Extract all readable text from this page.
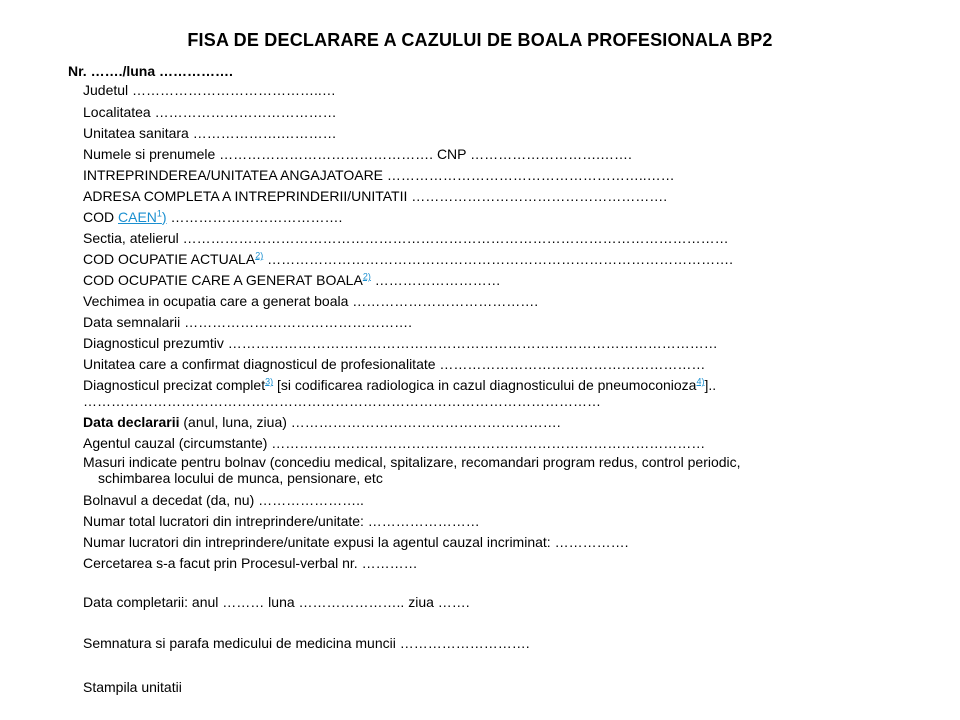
FISA DE DECLARARE A CAZULUI DE BOALA PROFESIONALA BP2
Nr. ……./luna …………….
Judetul …………………………………..…
Localitatea …………………………………
Unitatea sanitara ……………….…………
Numele si prenumele ………………………………………. CNP ……………………….…….
INTREPRINDEREA/UNITATEA ANGAJATOARE ………………………………………………..……
ADRESA COMPLETA A INTREPRINDERII/UNITATII ……………………………………………….
COD CAEN$^1$) ……………………………….
Sectia, atelierul ………………………………………………………………………………………………………
COD OCUPATIE ACTUALA$^{2)}$ ……………………………………………………………………………………….
COD OCUPATIE CARE A GENERAT BOALA$^{2)}$ ………………………
Vechimea in ocupatia care a generat boala ………………………………….
Data semnalarii ………………………………………….
Diagnosticul prezumtiv ……………………………………………………………………………………………
Unitatea care a confirmat diagnosticul de profesionalitate …………………………………………………
Diagnosticul precizat complet$^{3)}$ [si codificarea radiologica in cazul diagnosticului de pneumoconioza$^{4)}$]..
…………………………………………………………………………………………………
Data declararii (anul, luna, ziua) ………………………………………………….
Agentul cauzal (circumstante) …………………………………………………………………………………
Masuri indicate pentru bolnav (concediu medical, spitalizare, recomandari program redus, control periodic,
schimbarea locului de munca, pensionare, etc
Bolnavul a decedat (da, nu) …………………..
Numar total lucratori din intreprindere/unitate: ……………………
Numar lucratori din intreprindere/unitate expusi la agentul cauzal incriminat: …………….
Cercetarea s-a facut prin Procesul-verbal nr. …………
Data completarii: anul ……… luna ………………….. ziua …….
Semnatura si parafa medicului de medicina muncii ……………………….
Stampila unitatii
